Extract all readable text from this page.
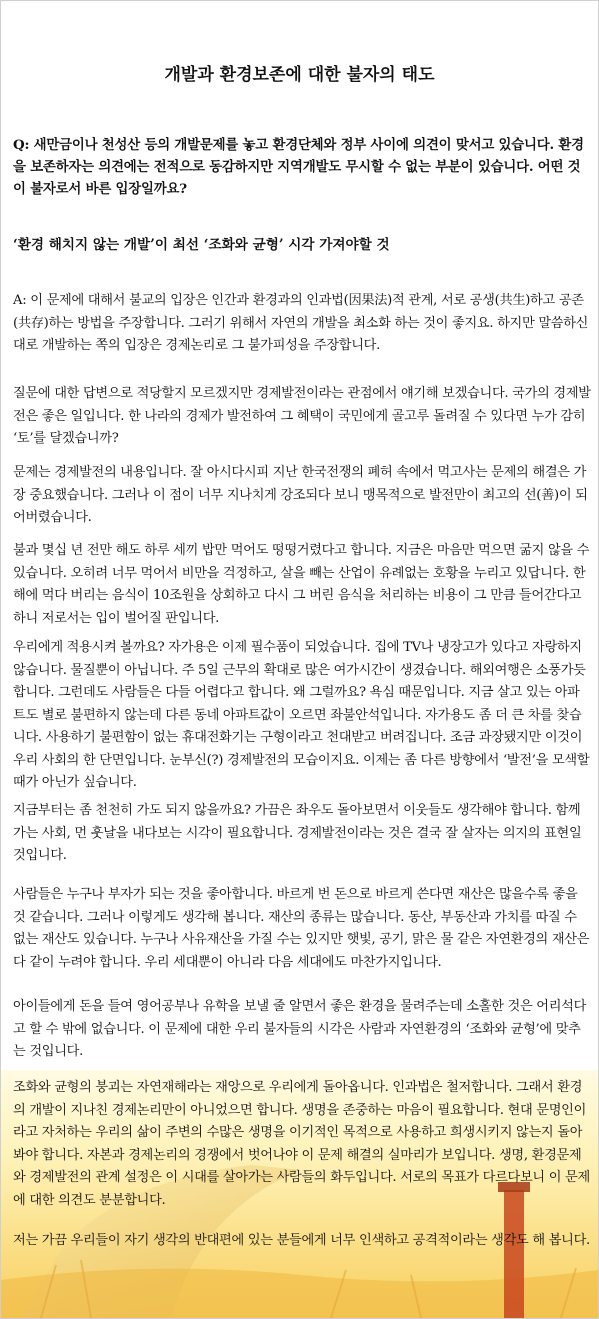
개발과 환경보존에 대한 불자의 태도
Q: 새만금이나 천성산 등의 개발문제를 놓고 환경단체와 정부 사이에 의견이 맞서고 있습니다. 환경을 보존하자는 의견에는 전적으로 동감하지만 지역개발도 무시할 수 없는 부분이 있습니다. 어떤 것이 불자로서 바른 입장일까요?
‘환경 해치지 않는 개발’이 최선 ‘조화와 균형’ 시각 가져야할 것
A: 이 문제에 대해서 불교의 입장은 인간과 환경과의 인과법(因果法)적 관계, 서로 공생(共生)하고 공존(共存)하는 방법을 주장합니다. 그러기 위해서 자연의 개발을 최소화 하는 것이 좋지요. 하지만 말씀하신대로 개발하는 쪽의 입장은 경제논리로 그 불가피성을 주장합니다.
질문에 대한 답변으로 적당할지 모르겠지만 경제발전이라는 관점에서 얘기해 보겠습니다. 국가의 경제발전은 좋은 일입니다. 한 나라의 경제가 발전하여 그 혜택이 국민에게 골고루 돌려질 수 있다면 누가 감히 ‘토’를 달겠습니까?
문제는 경제발전의 내용입니다. 잘 아시다시피 지난 한국전쟁의 폐허 속에서 먹고사는 문제의 해결은 가장 중요했습니다. 그러나 이 점이 너무 지나치게 강조되다 보니 맹목적으로 발전만이 최고의 선(善)이 되어버렸습니다.
불과 몇십 년 전만 해도 하루 세끼 밥만 먹어도 떵떵거렸다고 합니다. 지금은 마음만 먹으면 굶지 않을 수 있습니다. 오히려 너무 먹어서 비만을 걱정하고, 살을 빼는 산업이 유례없는 호황을 누리고 있답니다. 한 해에 먹다 버리는 음식이 10조원을 상회하고 다시 그 버린 음식을 처리하는 비용이 그 만큼 들어간다고 하니 저로서는 입이 벌어질 판입니다.
우리에게 적용시켜 볼까요? 자가용은 이제 필수품이 되었습니다. 집에 TV나 냉장고가 있다고 자랑하지 않습니다. 물질뿐이 아닙니다. 주 5일 근무의 확대로 많은 여가시간이 생겼습니다. 해외여행은 소풍가듯 합니다. 그런데도 사람들은 다들 어렵다고 합니다. 왜 그럴까요? 욕심 때문입니다. 지금 살고 있는 아파트도 별로 불편하지 않는데 다른 동네 아파트값이 오르면 좌불안석입니다. 자가용도 좀 더 큰 차를 찾습니다. 사용하기 불편함이 없는 휴대전화기는 구형이라고 천대받고 버려집니다. 조금 과장됐지만 이것이 우리 사회의 한 단면입니다. 눈부신(?) 경제발전의 모습이지요. 이제는 좀 다른 방향에서 ‘발전’을 모색할 때가 아닌가 싶습니다.
지금부터는 좀 천천히 가도 되지 않을까요? 가끔은 좌우도 돌아보면서 이웃들도 생각해야 합니다. 함께 가는 사회, 먼 훗날을 내다보는 시각이 필요합니다. 경제발전이라는 것은 결국 잘 살자는 의지의 표현일 것입니다.
사람들은 누구나 부자가 되는 것을 좋아합니다. 바르게 번 돈으로 바르게 쓴다면 재산은 많을수록 좋을 것 같습니다. 그러나 이렇게도 생각해 봅니다. 재산의 종류는 많습니다. 동산, 부동산과 가치를 따질 수 없는 재산도 있습니다. 누구나 사유재산을 가질 수는 있지만 햇빛, 공기, 맑은 물 같은 자연환경의 재산은 다 같이 누려야 합니다. 우리 세대뿐이 아니라 다음 세대에도 마찬가지입니다.
아이들에게 돈을 들여 영어공부나 유학을 보낼 줄 알면서 좋은 환경을 물려주는데 소홀한 것은 어리석다고 할 수 밖에 없습니다. 이 문제에 대한 우리 불자들의 시각은 사람과 자연환경의 ‘조화와 균형’에 맞추는 것입니다.
조화와 균형의 붕괴는 자연재해라는 재앙으로 우리에게 돌아옵니다. 인과법은 철저합니다. 그래서 환경의 개발이 지나친 경제논리만이 아니었으면 합니다. 생명을 존중하는 마음이 필요합니다. 현대 문명인이라고 자처하는 우리의 삶이 주변의 수많은 생명을 이기적인 목적으로 사용하고 희생시키지 않는지 돌아봐야 합니다. 자본과 경제논리의 경쟁에서 벗어나야 이 문제 해결의 실마리가 보입니다. 생명, 환경문제와 경제발전의 관계 설정은 이 시대를 살아가는 사람들의 화두입니다. 서로의 목표가 다르다보니 이 문제에 대한 의견도 분분합니다.
저는 가끔 우리들이 자기 생각의 반대편에 있는 분들에게 너무 인색하고 공격적이라는 생각도 해 봅니다.
